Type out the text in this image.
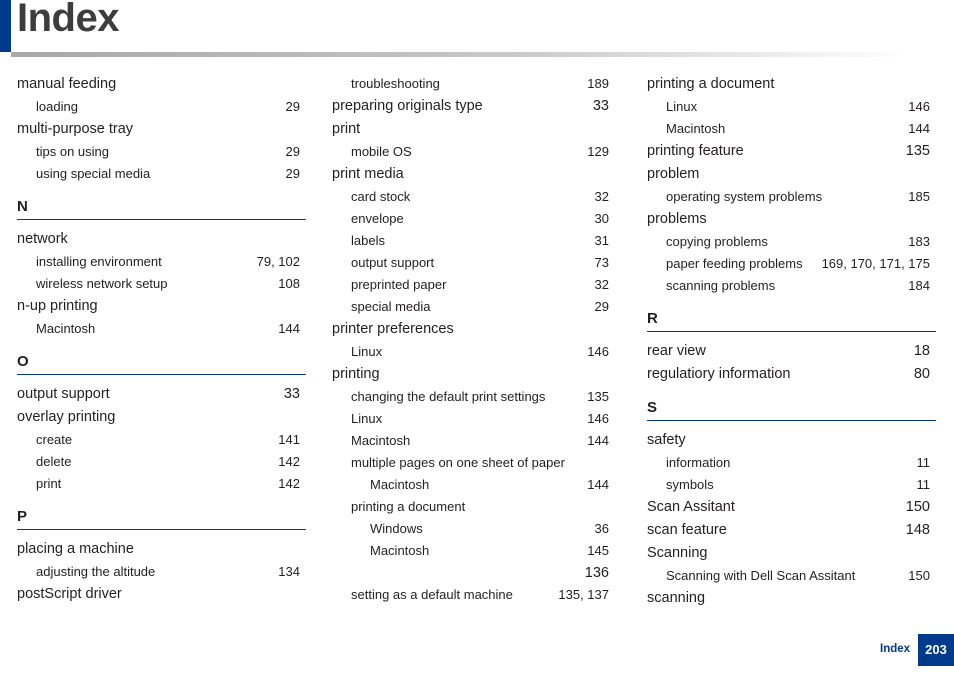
Index
manual feeding
loading	29
multi-purpose tray
tips on using	29
using special media	29
N
network
installing environment	79, 102
wireless network setup	108
n-up printing
Macintosh	144
O
output support	33
overlay printing
create	141
delete	142
print	142
P
placing a machine
adjusting the altitude	134
postScript driver
troubleshooting	189
preparing originals type	33
print
mobile OS	129
print media
card stock	32
envelope	30
labels	31
output support	73
preprinted paper	32
special media	29
printer preferences
Linux	146
printing
changing the default print settings	135
Linux	146
Macintosh	144
multiple pages on one sheet of paper
Macintosh	144
printing a document
Windows	36
Macintosh	145
136
setting as a default machine	135, 137
printing a document
Linux	146
Macintosh	144
printing feature	135
problem
operating system problems	185
problems
copying problems	183
paper feeding problems 169, 170, 171, 175
scanning problems	184
R
rear view	18
regulatiory information	80
S
safety
information	11
symbols	11
Scan Assitant	150
scan feature	148
Scanning
Scanning with Dell Scan Assitant	150
scanning
Index	203
